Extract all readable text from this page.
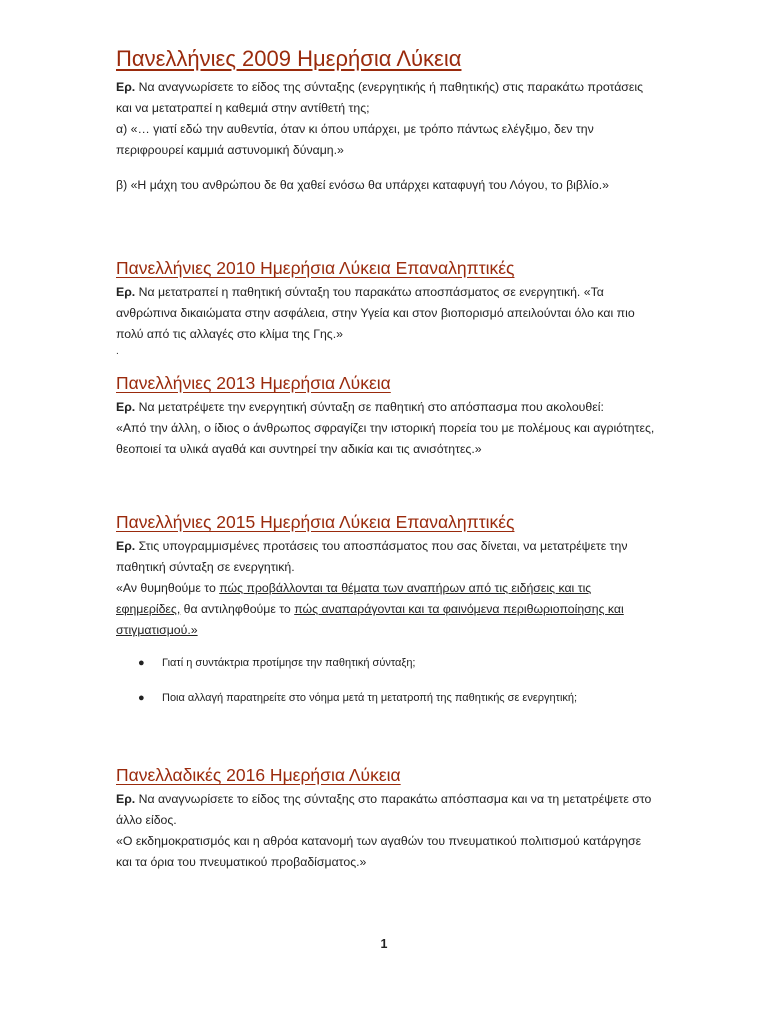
Πανελλήνιες 2009 Ημερήσια Λύκεια

Ερ. Να αναγνωρίσετε το είδος της σύνταξης (ενεργητικής ή παθητικής) στις παρακάτω προτάσεις και να μετατραπεί η καθεμιά στην αντίθετή της;

α) «… γιατί εδώ την αυθεντία, όταν κι όπου υπάρχει, με τρόπο πάντως ελέγξιμο, δεν την περιφρουρεί καμμιά αστυνομική δύναμη.»

β) «Η μάχη του ανθρώπου δε θα χαθεί ενόσω θα υπάρχει καταφυγή του Λόγου, το βιβλίο.»

Πανελλήνιες 2010 Ημερήσια Λύκεια Επαναληπτικές

Ερ. Να μετατραπεί η παθητική σύνταξη του παρακάτω αποσπάσματος σε ενεργητική. «Τα ανθρώπινα δικαιώματα στην ασφάλεια, στην Υγεία και στον βιοπορισμό απειλούνται όλο και πιο πολύ από τις αλλαγές στο κλίμα της Γης.»

.

Πανελλήνιες 2013 Ημερήσια Λύκεια

Ερ. Να μετατρέψετε την ενεργητική σύνταξη σε παθητική στο απόσπασμα που ακολουθεί:

«Από την άλλη, ο ίδιος ο άνθρωπος σφραγίζει την ιστορική πορεία του με πολέμους και αγριότητες, θεοποιεί τα υλικά αγαθά και συντηρεί την αδικία και τις ανισότητες.»

Πανελλήνιες 2015 Ημερήσια Λύκεια Επαναληπτικές

Ερ. Στις υπογραμμισμένες προτάσεις του αποσπάσματος που σας δίνεται, να μετατρέψετε την παθητική σύνταξη σε ενεργητική.

«Αν θυμηθούμε το πώς προβάλλονται τα θέματα των αναπήρων από τις ειδήσεις και τις εφημερίδες, θα αντιληφθούμε το πώς αναπαράγονται και τα φαινόμενα περιθωριοποίησης και στιγματισμού.»

● Γιατί η συντάκτρια προτίμησε την παθητική σύνταξη;
● Ποια αλλαγή παρατηρείτε στο νόημα μετά τη μετατροπή της παθητικής σε ενεργητική;
Πανελλαδικές 2016 Ημερήσια Λύκεια

Ερ. Να αναγνωρίσετε το είδος της σύνταξης στο παρακάτω απόσπασμα και να τη μετατρέψετε στο άλλο είδος.

«Ο εκδημοκρατισμός και η αθρόα κατανομή των αγαθών του πνευματικού πολιτισμού κατάργησε και τα όρια του πνευματικού προβαδίσματος.»

1
